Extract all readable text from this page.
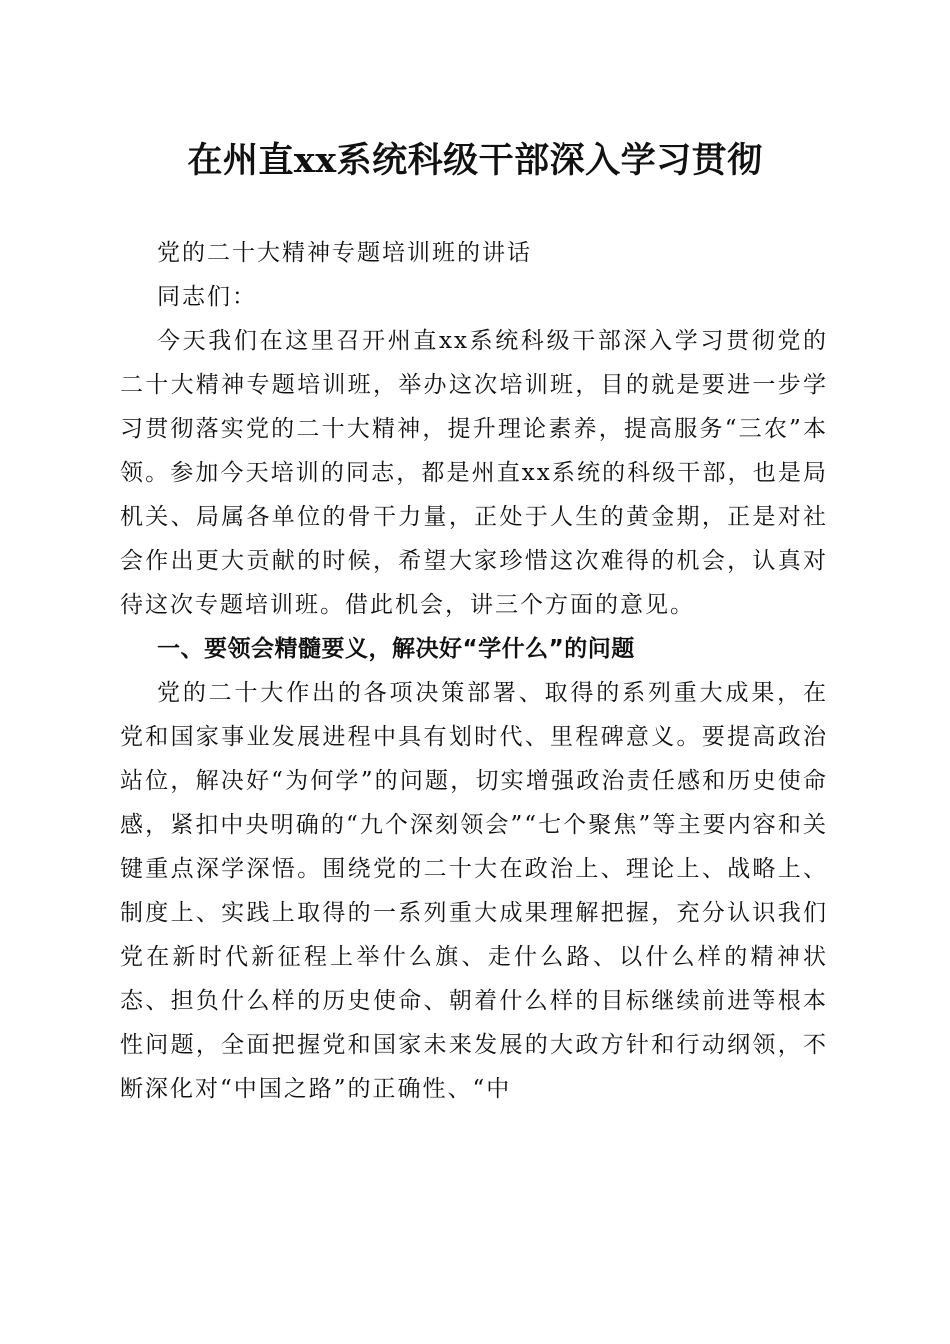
在州直xx系统科级干部深入学习贯彻

党的二十大精神专题培训班的讲话

同志们：

今天我们在这里召开州直xx系统科级干部深入学习贯彻党的二十大精神专题培训班，举办这次培训班，目的就是要进一步学习贯彻落实党的二十大精神，提升理论素养，提高服务“三农”本领。参加今天培训的同志，都是州直xx系统的科级干部，也是局机关、局属各单位的骨干力量，正处于人生的黄金期，正是对社会作出更大贡献的时候，希望大家珍惜这次难得的机会，认真对待这次专题培训班。借此机会，讲三个方面的意见。

一、要领会精髓要义，解决好“学什么”的问题

党的二十大作出的各项决策部署、取得的系列重大成果，在党和国家事业发展进程中具有划时代、里程碑意义。要提高政治站位，解决好“为何学”的问题，切实增强政治责任感和历史使命感，紧扣中央明确的“九个深刻领会”“七个聚焦”等主要内容和关键重点深学深悟。围绕党的二十大在政治上、理论上、战略上、制度上、实践上取得的一系列重大成果理解把握，充分认识我们党在新时代新征程上举什么旗、走什么路、以什么样的精神状态、担负什么样的历史使命、朝着什么样的目标继续前进等根本性问题，全面把握党和国家未来发展的大政方针和行动纲领，不断深化对“中国之路”的正确性、“中
